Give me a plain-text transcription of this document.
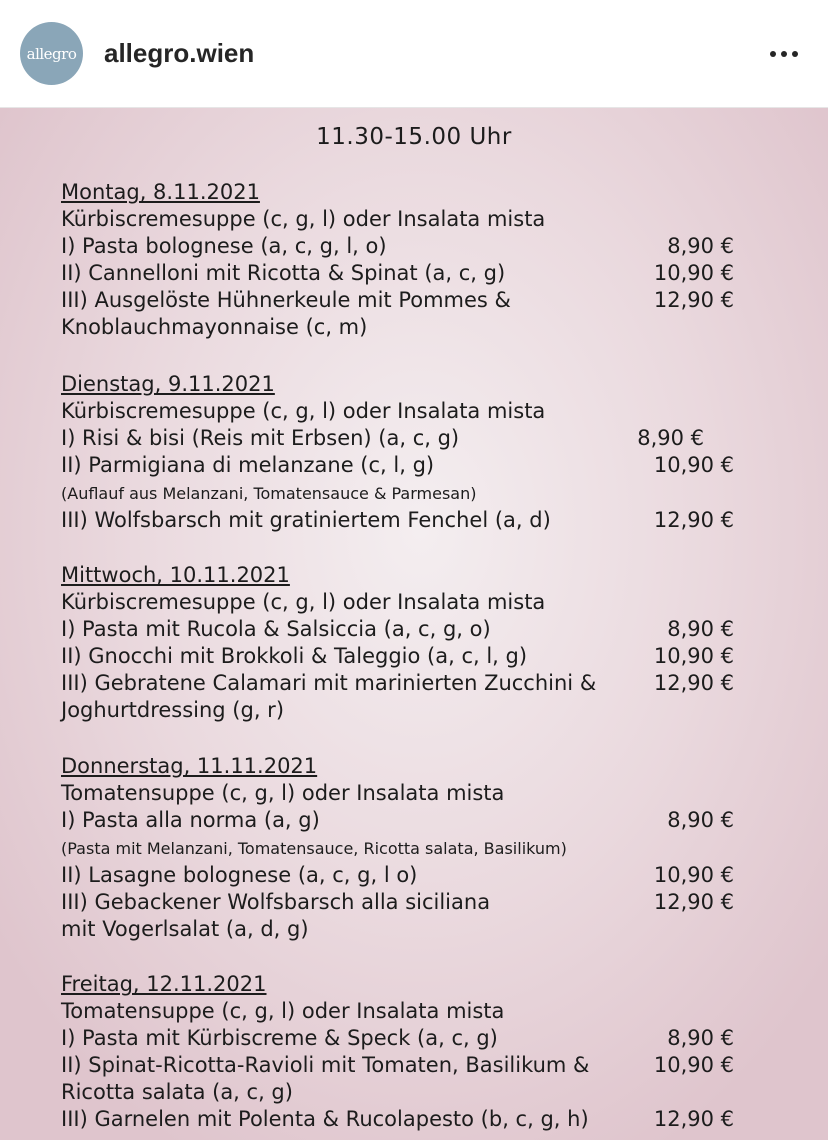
allegro allegro.wien
11.30-15.00 Uhr
Montag, 8.11.2021
Kürbiscremesuppe (c, g, l) oder Insalata mista
I) Pasta bolognese (a, c, g, l, o)	8,90 €
II) Cannelloni mit Ricotta & Spinat (a, c, g)	10,90 €
III) Ausgelöste Hühnerkeule mit Pommes &	12,90 €
Knoblauchmayonnaise (c, m)
Dienstag, 9.11.2021
Kürbiscremesuppe (c, g, l) oder Insalata mista
I) Risi & bisi (Reis mit Erbsen) (a, c, g)	8,90 €
II) Parmigiana di melanzane (c, l, g)	10,90 €
(Auflauf aus Melanzani, Tomatensauce & Parmesan)
III) Wolfsbarsch mit gratiniertem Fenchel (a, d)	12,90 €
Mittwoch, 10.11.2021
Kürbiscremesuppe (c, g, l) oder Insalata mista
I) Pasta mit Rucola & Salsiccia (a, c, g, o)	8,90 €
II) Gnocchi mit Brokkoli & Taleggio (a, c, l, g)	10,90 €
III) Gebratene Calamari mit marinierten Zucchini &	12,90 €
Joghurtdressing (g, r)
Donnerstag, 11.11.2021
Tomatensuppe (c, g, l) oder Insalata mista
I) Pasta alla norma (a, g)	8,90 €
(Pasta mit Melanzani, Tomatensauce, Ricotta salata, Basilikum)
II) Lasagne bolognese (a, c, g, l o)	10,90 €
III) Gebackener Wolfsbarsch alla siciliana	12,90 €
mit Vogerlsalat (a, d, g)
Freitag, 12.11.2021
Tomatensuppe (c, g, l) oder Insalata mista
I) Pasta mit Kürbiscreme & Speck (a, c, g)	8,90 €
II) Spinat-Ricotta-Ravioli mit Tomaten, Basilikum &	10,90 €
Ricotta salata (a, c, g)
III) Garnelen mit Polenta & Rucolapesto (b, c, g, h)	12,90 €
